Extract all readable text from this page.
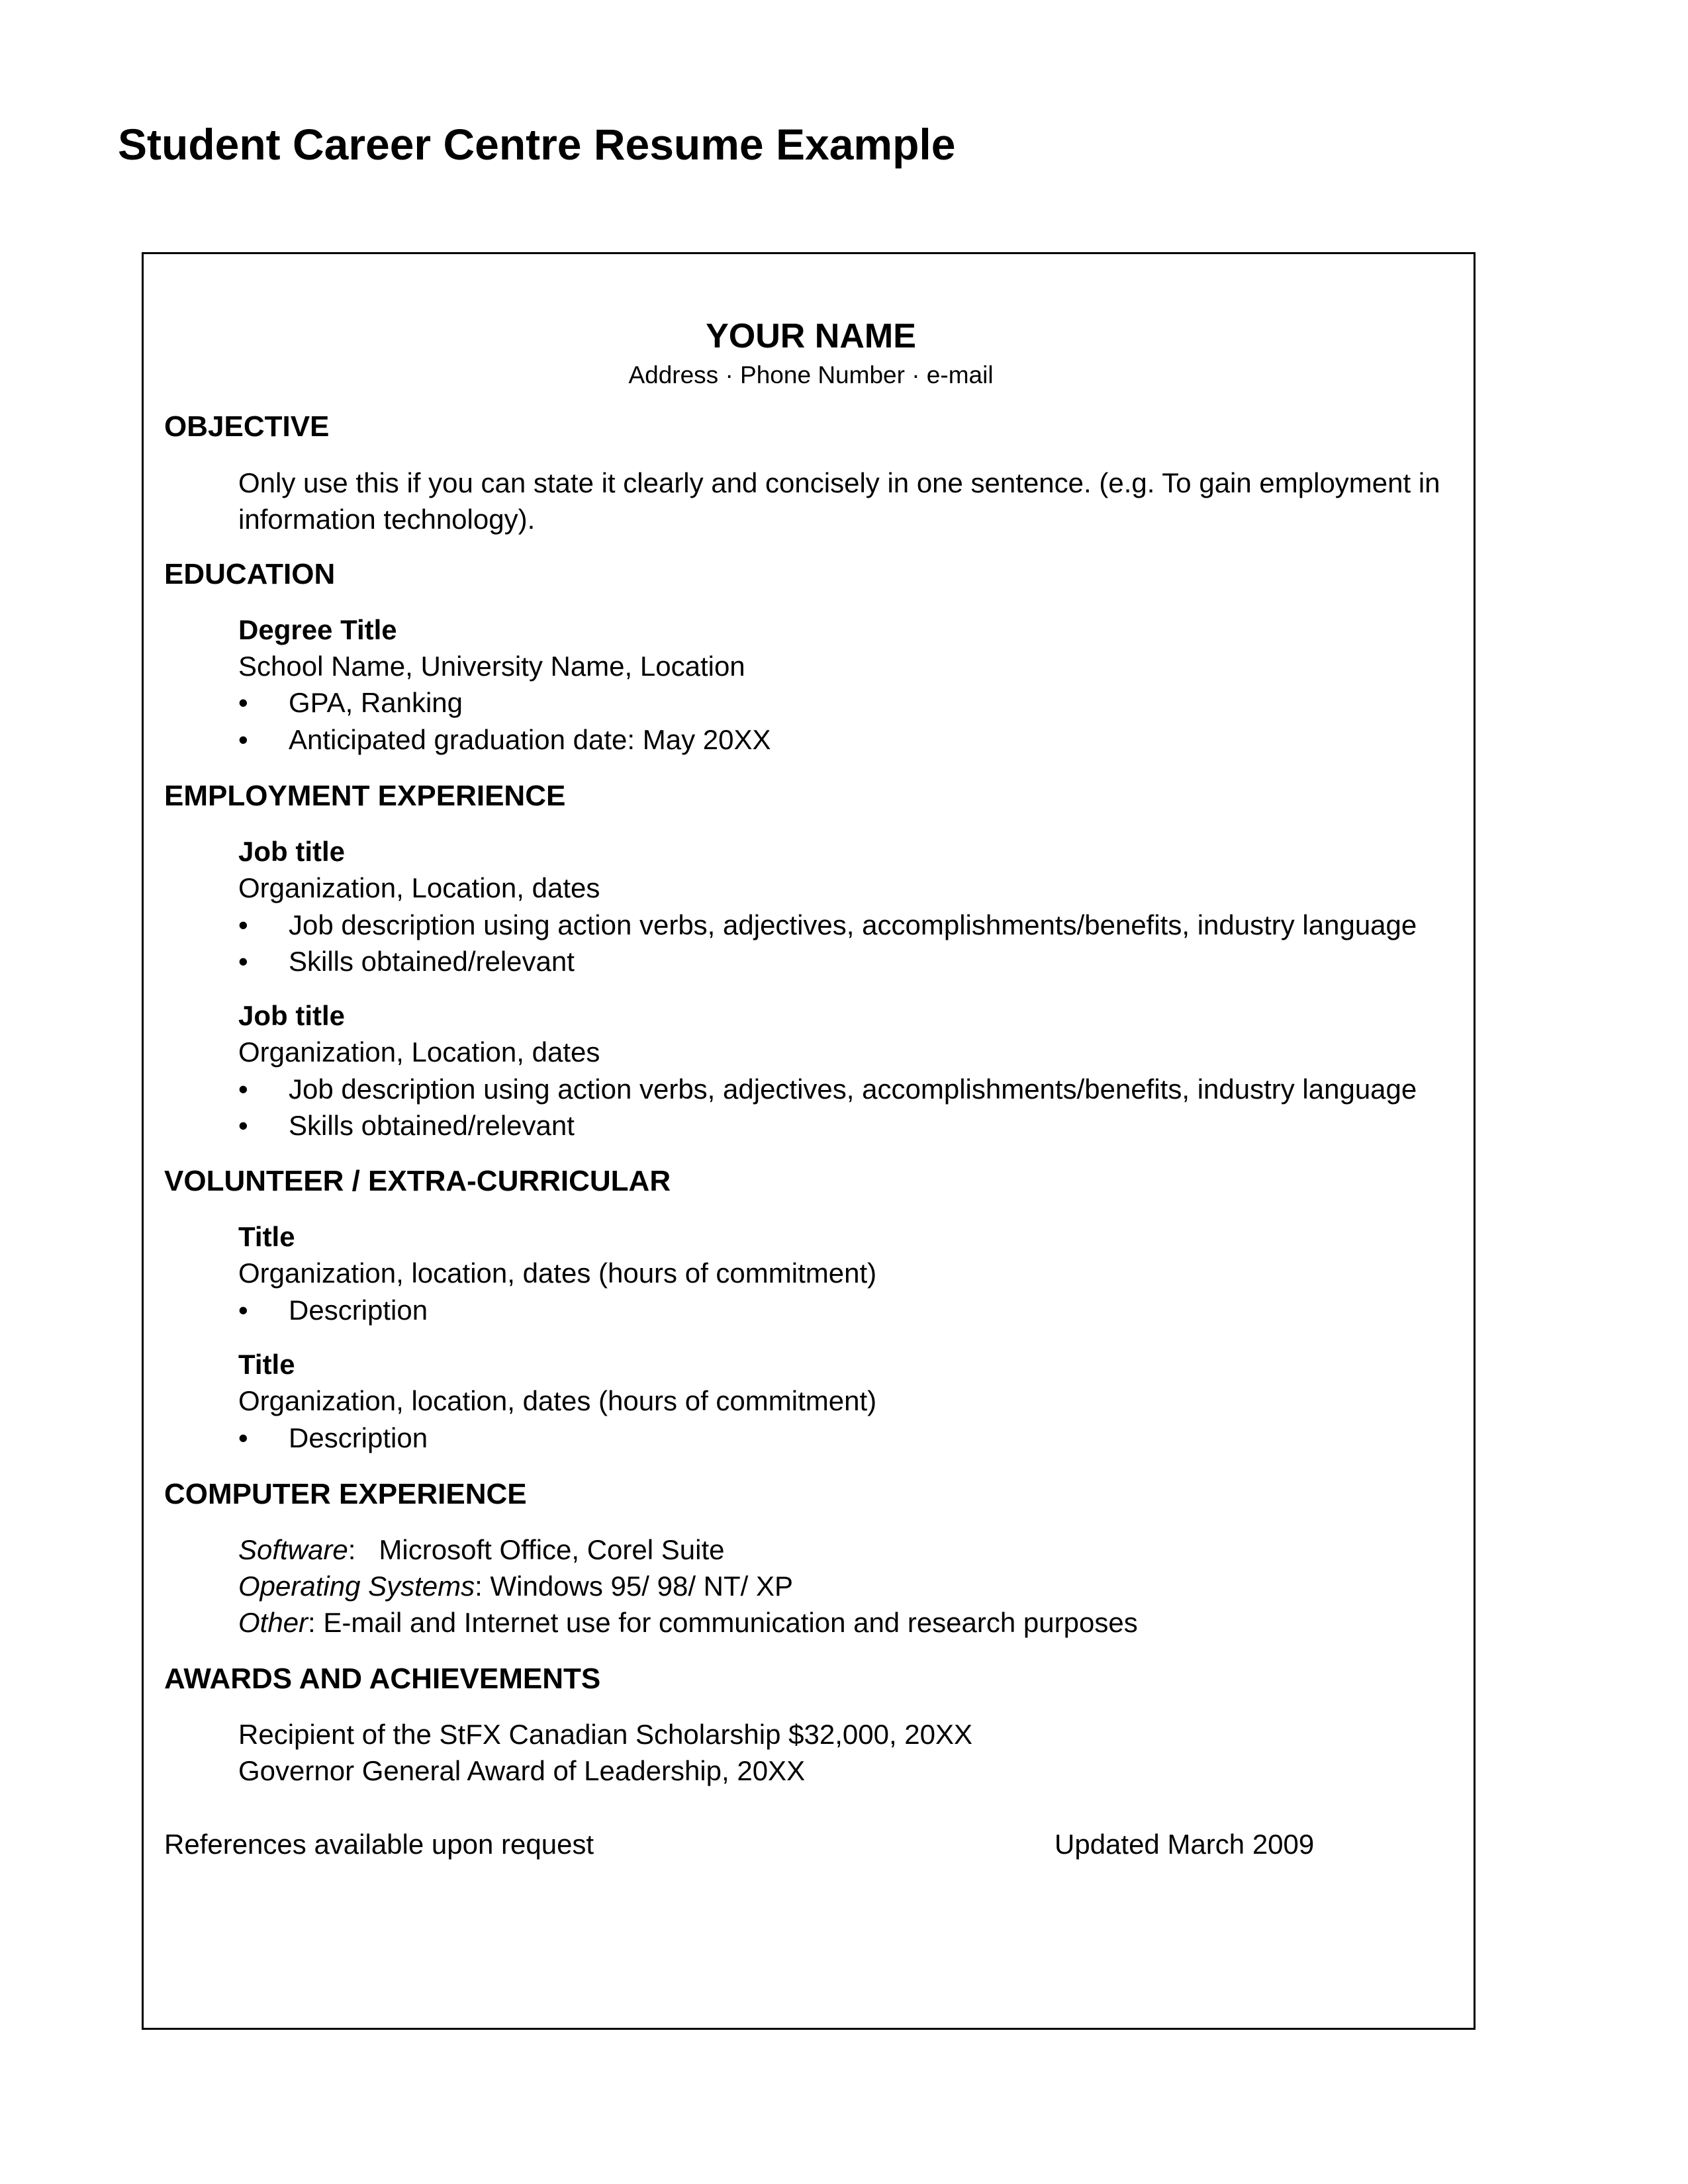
Student Career Centre Resume Example
YOUR NAME
Address · Phone Number · e-mail
OBJECTIVE
Only use this if you can state it clearly and concisely in one sentence. (e.g. To gain employment in
information technology).
EDUCATION
Degree Title
School Name, University Name, Location
• GPA, Ranking
• Anticipated graduation date: May 20XX
EMPLOYMENT EXPERIENCE
Job title
Organization, Location, dates
• Job description using action verbs, adjectives, accomplishments/benefits, industry language
• Skills obtained/relevant
Job title
Organization, Location, dates
• Job description using action verbs, adjectives, accomplishments/benefits, industry language
• Skills obtained/relevant
VOLUNTEER / EXTRA-CURRICULAR
Title
Organization, location, dates (hours of commitment)
• Description
Title
Organization, location, dates (hours of commitment)
• Description
COMPUTER EXPERIENCE
Software:   Microsoft Office, Corel Suite
Operating Systems: Windows 95/ 98/ NT/ XP
Other: E-mail and Internet use for communication and research purposes
AWARDS AND ACHIEVEMENTS
Recipient of the StFX Canadian Scholarship $32,000, 20XX
Governor General Award of Leadership, 20XX
References available upon request	Updated March 2009
